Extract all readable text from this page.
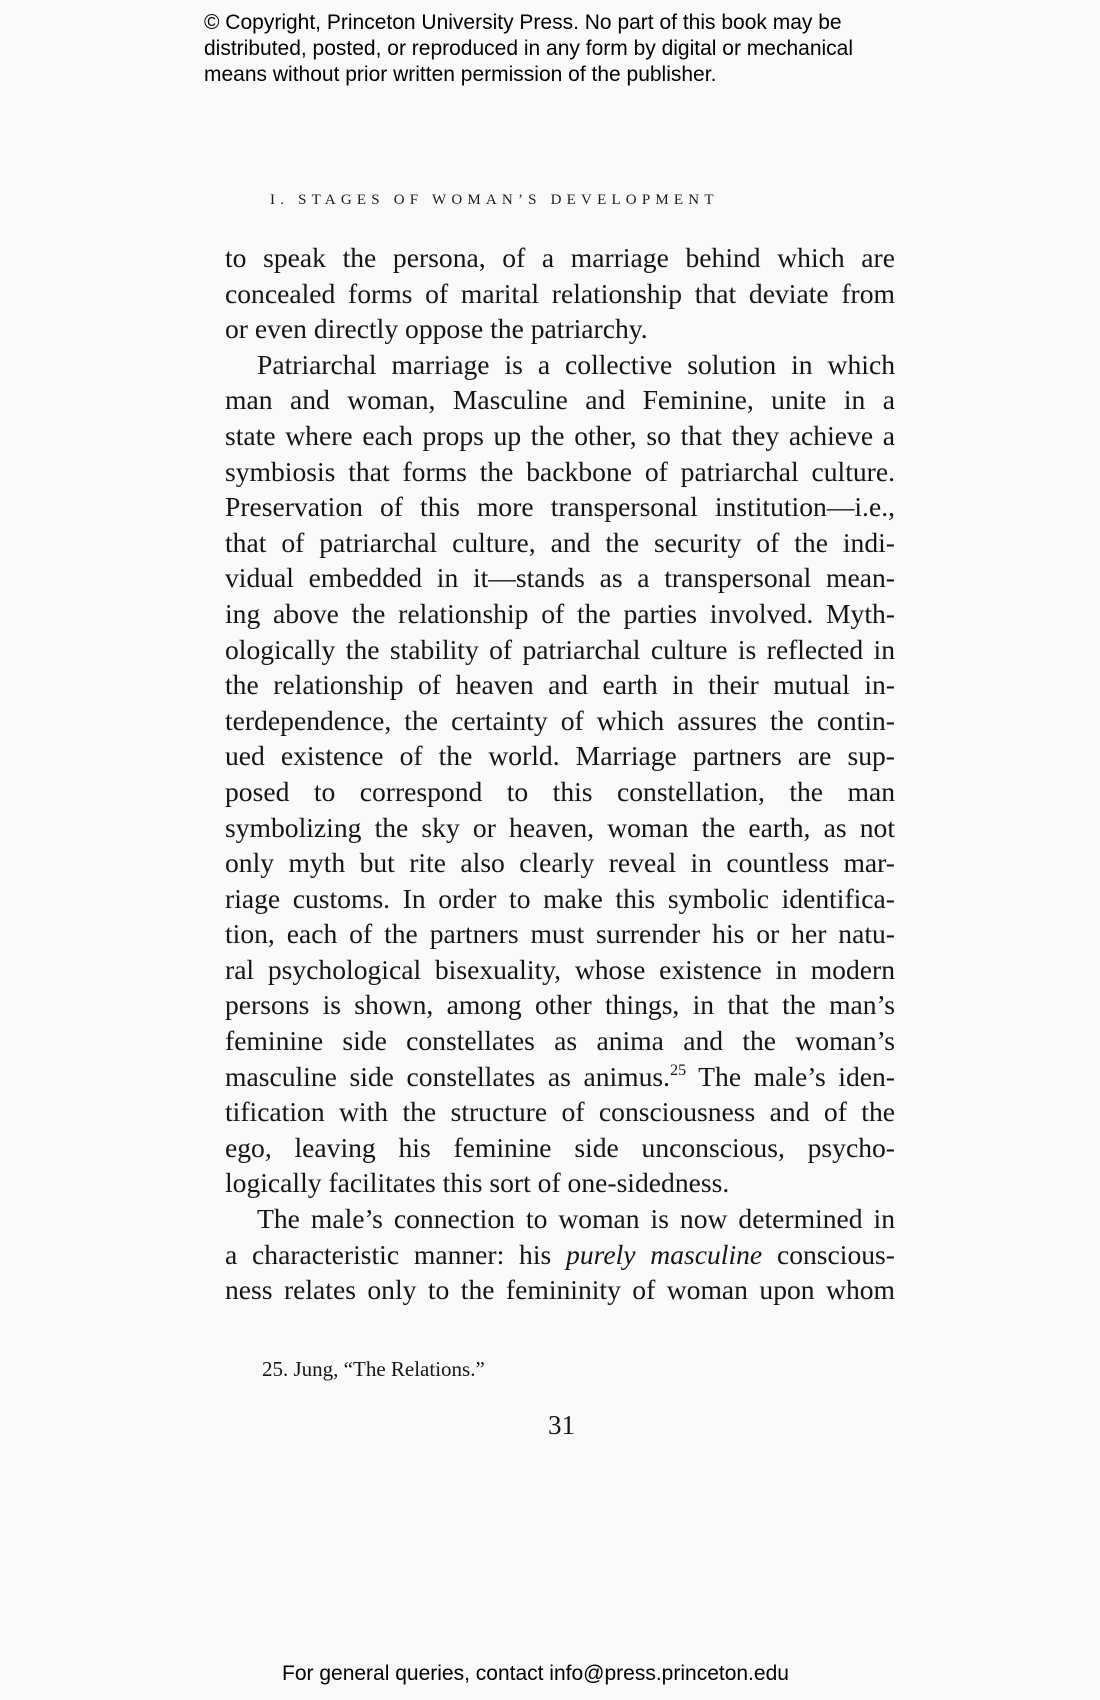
© Copyright, Princeton University Press. No part of this book may be
distributed, posted, or reproduced in any form by digital or mechanical
means without prior written permission of the publisher.
I. STAGES OF WOMAN’S DEVELOPMENT
to speak the persona, of a marriage behind which are
concealed forms of marital relationship that deviate from
or even directly oppose the patriarchy.
Patriarchal marriage is a collective solution in which
man and woman, Masculine and Feminine, unite in a
state where each props up the other, so that they achieve a
symbiosis that forms the backbone of patriarchal culture.
Preservation of this more transpersonal institution—i.e.,
that of patriarchal culture, and the security of the indi-
vidual embedded in it—stands as a transpersonal mean-
ing above the relationship of the parties involved. Myth-
ologically the stability of patriarchal culture is reflected in
the relationship of heaven and earth in their mutual in-
terdependence, the certainty of which assures the contin-
ued existence of the world. Marriage partners are sup-
posed to correspond to this constellation, the man
symbolizing the sky or heaven, woman the earth, as not
only myth but rite also clearly reveal in countless mar-
riage customs. In order to make this symbolic identifica-
tion, each of the partners must surrender his or her natu-
ral psychological bisexuality, whose existence in modern
persons is shown, among other things, in that the man’s
feminine side constellates as anima and the woman’s
masculine side constellates as animus.$^{25}$ The male’s iden-
tification with the structure of consciousness and of the
ego, leaving his feminine side unconscious, psycho-
logically facilitates this sort of one-sidedness.
The male’s connection to woman is now determined in
a characteristic manner: his purely masculine conscious-
ness relates only to the femininity of woman upon whom
25. Jung, “The Relations.”
31
For general queries, contact info@press.princeton.edu
